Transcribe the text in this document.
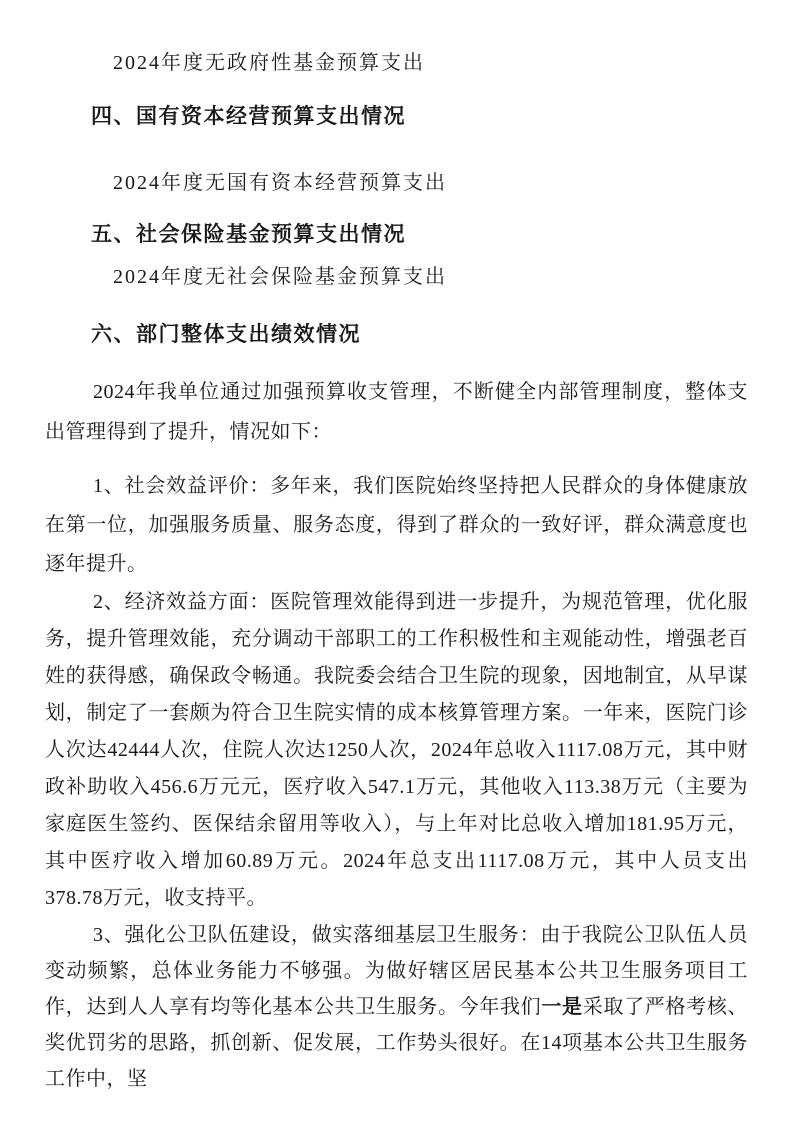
2024年度无政府性基金预算支出

四、国有资本经营预算支出情况

2024年度无国有资本经营预算支出

五、社会保险基金预算支出情况

2024年度无社会保险基金预算支出

六、部门整体支出绩效情况

2024年我单位通过加强预算收支管理，不断健全内部管理制度，整体支出管理得到了提升，情况如下：

1、社会效益评价：多年来，我们医院始终坚持把人民群众的身体健康放在第一位，加强服务质量、服务态度，得到了群众的一致好评，群众满意度也逐年提升。

2、经济效益方面：医院管理效能得到进一步提升，为规范管理，优化服务，提升管理效能，充分调动干部职工的工作积极性和主观能动性，增强老百姓的获得感，确保政令畅通。我院委会结合卫生院的现象，因地制宜，从早谋划，制定了一套颇为符合卫生院实情的成本核算管理方案。一年来，医院门诊人次达42444人次，住院人次达1250人次，2024年总收入1117.08万元，其中财政补助收入456.6万元元，医疗收入547.1万元，其他收入113.38万元（主要为家庭医生签约、医保结余留用等收入），与上年对比总收入增加181.95万元，其中医疗收入增加60.89万元。2024年总支出1117.08万元，其中人员支出378.78万元，收支持平。

3、强化公卫队伍建设，做实落细基层卫生服务：由于我院公卫队伍人员变动频繁，总体业务能力不够强。为做好辖区居民基本公共卫生服务项目工作，达到人人享有均等化基本公共卫生服务。今年我们一是采取了严格考核、奖优罚劣的思路，抓创新、促发展，工作势头很好。在14项基本公共卫生服务工作中，坚
